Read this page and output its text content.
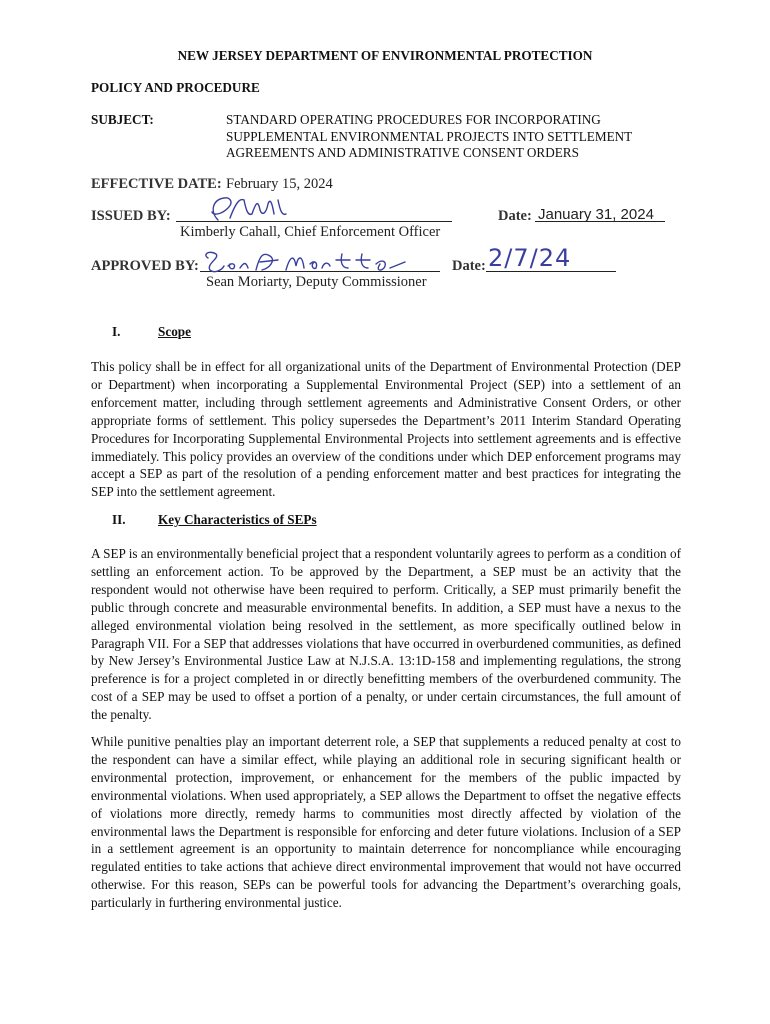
NEW JERSEY DEPARTMENT OF ENVIRONMENTAL PROTECTION
POLICY AND PROCEDURE
SUBJECT:	STANDARD OPERATING PROCEDURES FOR INCORPORATING
SUPPLEMENTAL ENVIRONMENTAL PROJECTS INTO SETTLEMENT
AGREEMENTS AND ADMINISTRATIVE CONSENT ORDERS
EFFECTIVE DATE: February 15, 2024
ISSUED BY:
Kimberly Cahall, Chief Enforcement Officer
Date: January 31, 2024
APPROVED BY:
Sean Moriarty, Deputy Commissioner
Date: 2/7/24
I.	Scope

This policy shall be in effect for all organizational units of the Department of Environmental Protection (DEP or Department) when incorporating a Supplemental Environmental Project (SEP) into a settlement of an enforcement matter, including through settlement agreements and Administrative Consent Orders, or other appropriate forms of settlement. This policy supersedes the Department’s 2011 Interim Standard Operating Procedures for Incorporating Supplemental Environmental Projects into settlement agreements and is effective immediately. This policy provides an overview of the conditions under which DEP enforcement programs may accept a SEP as part of the resolution of a pending enforcement matter and best practices for integrating the SEP into the settlement agreement.

II. Key Characteristics of SEPs

A SEP is an environmentally beneficial project that a respondent voluntarily agrees to perform as a condition of settling an enforcement action. To be approved by the Department, a SEP must be an activity that the respondent would not otherwise have been required to perform. Critically, a SEP must primarily benefit the public through concrete and measurable environmental benefits. In addition, a SEP must have a nexus to the alleged environmental violation being resolved in the settlement, as more specifically outlined below in Paragraph VII. For a SEP that addresses violations that have occurred in overburdened communities, as defined by New Jersey’s Environmental Justice Law at N.J.S.A. 13:1D-158 and implementing regulations, the strong preference is for a project completed in or directly benefitting members of the overburdened community. The cost of a SEP may be used to offset a portion of a penalty, or under certain circumstances, the full amount of the penalty.

While punitive penalties play an important deterrent role, a SEP that supplements a reduced penalty at cost to the respondent can have a similar effect, while playing an additional role in securing significant health or environmental protection, improvement, or enhancement for the members of the public impacted by environmental violations. When used appropriately, a SEP allows the Department to offset the negative effects of violations more directly, remedy harms to communities most directly affected by violation of the environmental laws the Department is responsible for enforcing and deter future violations. Inclusion of a SEP in a settlement agreement is an opportunity to maintain deterrence for noncompliance while encouraging regulated entities to take actions that achieve direct environmental improvement that would not have occurred otherwise. For this reason, SEPs can be powerful tools for advancing the Department’s overarching goals, particularly in furthering environmental justice.
